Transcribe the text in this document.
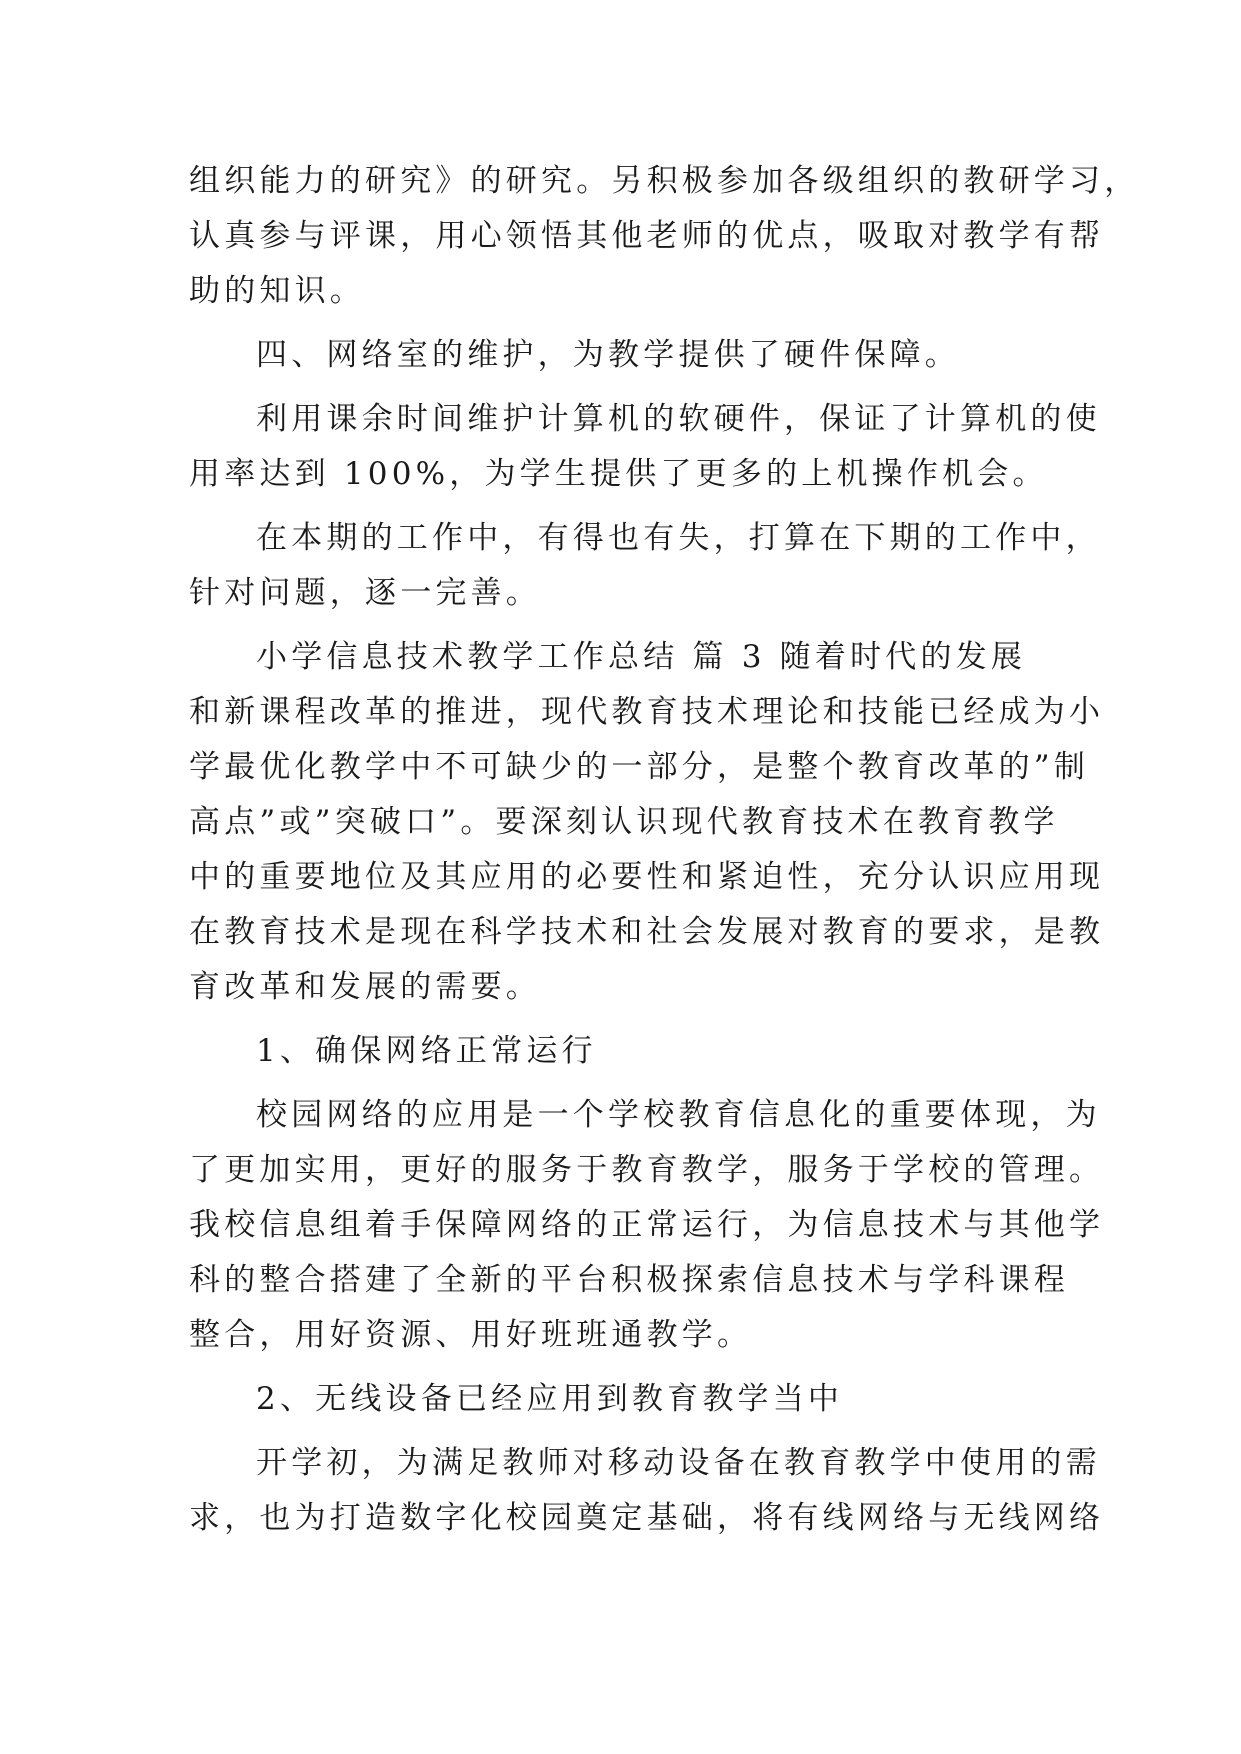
组织能力的研究》的研究。另积极参加各级组织的教研学习，
认真参与评课，用心领悟其他老师的优点，吸取对教学有帮
助的知识。
四、网络室的维护，为教学提供了硬件保障。
利用课余时间维护计算机的软硬件，保证了计算机的使
用率达到 100%，为学生提供了更多的上机操作机会。
在本期的工作中，有得也有失，打算在下期的工作中，
针对问题，逐一完善。
小学信息技术教学工作总结 篇 3 随着时代的发展
和新课程改革的推进，现代教育技术理论和技能已经成为小
学最优化教学中不可缺少的一部分，是整个教育改革的”制
高点”或”突破口”。要深刻认识现代教育技术在教育教学
中的重要地位及其应用的必要性和紧迫性，充分认识应用现
在教育技术是现在科学技术和社会发展对教育的要求，是教
育改革和发展的需要。
1、确保网络正常运行
校园网络的应用是一个学校教育信息化的重要体现，为
了更加实用，更好的服务于教育教学，服务于学校的管理。
我校信息组着手保障网络的正常运行，为信息技术与其他学
科的整合搭建了全新的平台积极探索信息技术与学科课程
整合，用好资源、用好班班通教学。
2、无线设备已经应用到教育教学当中
开学初，为满足教师对移动设备在教育教学中使用的需
求，也为打造数字化校园奠定基础，将有线网络与无线网络
